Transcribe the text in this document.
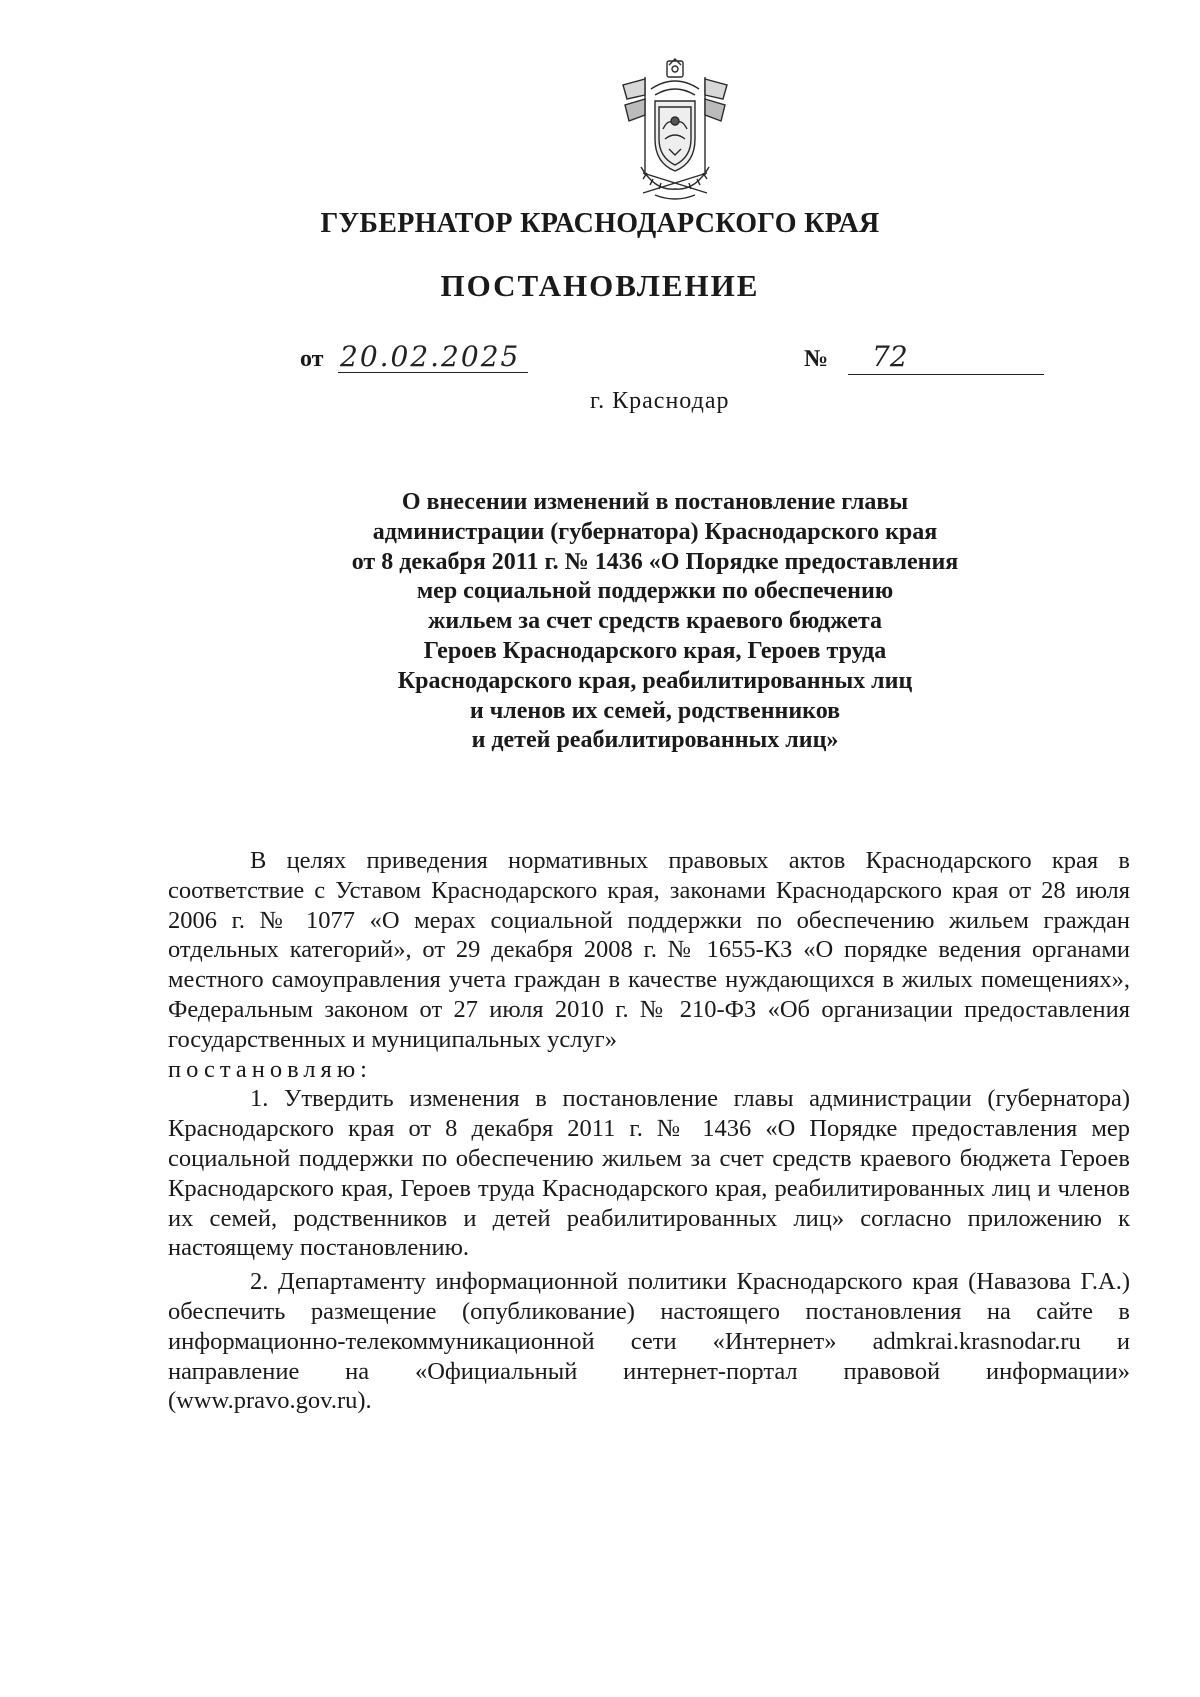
ГУБЕРНАТОР КРАСНОДАРСКОГО КРАЯ
ПОСТАНОВЛЕНИЕ
от 20.02.2025	№ 72
г. Краснодар
О внесении изменений в постановление главы
администрации (губернатора) Краснодарского края
от 8 декабря 2011 г. № 1436 «О Порядке предоставления
мер социальной поддержки по обеспечению
жильем за счет средств краевого бюджета
Героев Краснодарского края, Героев труда
Краснодарского края, реабилитированных лиц
и членов их семей, родственников
и детей реабилитированных лиц»

В целях приведения нормативных правовых актов Краснодарского края в соответствие с Уставом Краснодарского края, законами Краснодарского края от 28 июля 2006 г. № 1077 «О мерах социальной поддержки по обеспечению жильем граждан отдельных категорий», от 29 декабря 2008 г. № 1655-КЗ «О порядке ведения органами местного самоуправления учета граждан в качестве нуждающихся в жилых помещениях», Федеральным законом от 27 июля 2010 г. № 210-ФЗ «Об организации предоставления государственных и муниципальных услуг»

постановляю:

1. Утвердить изменения в постановление главы администрации (губернатора) Краснодарского края от 8 декабря 2011 г. № 1436 «О Порядке предоставления мер социальной поддержки по обеспечению жильем за счет средств краевого бюджета Героев Краснодарского края, Героев труда Краснодарского края, реабилитированных лиц и членов их семей, родственников и детей реабилитированных лиц» согласно приложению к настоящему постановлению.

2. Департаменту информационной политики Краснодарского края (Навазова Г.А.) обеспечить размещение (опубликование) настоящего постановления на сайте в информационно-телекоммуникационной сети «Интернет» admkrai.krasnodar.ru и направление на «Официальный интернет-портал правовой информации» (www.pravo.gov.ru).
